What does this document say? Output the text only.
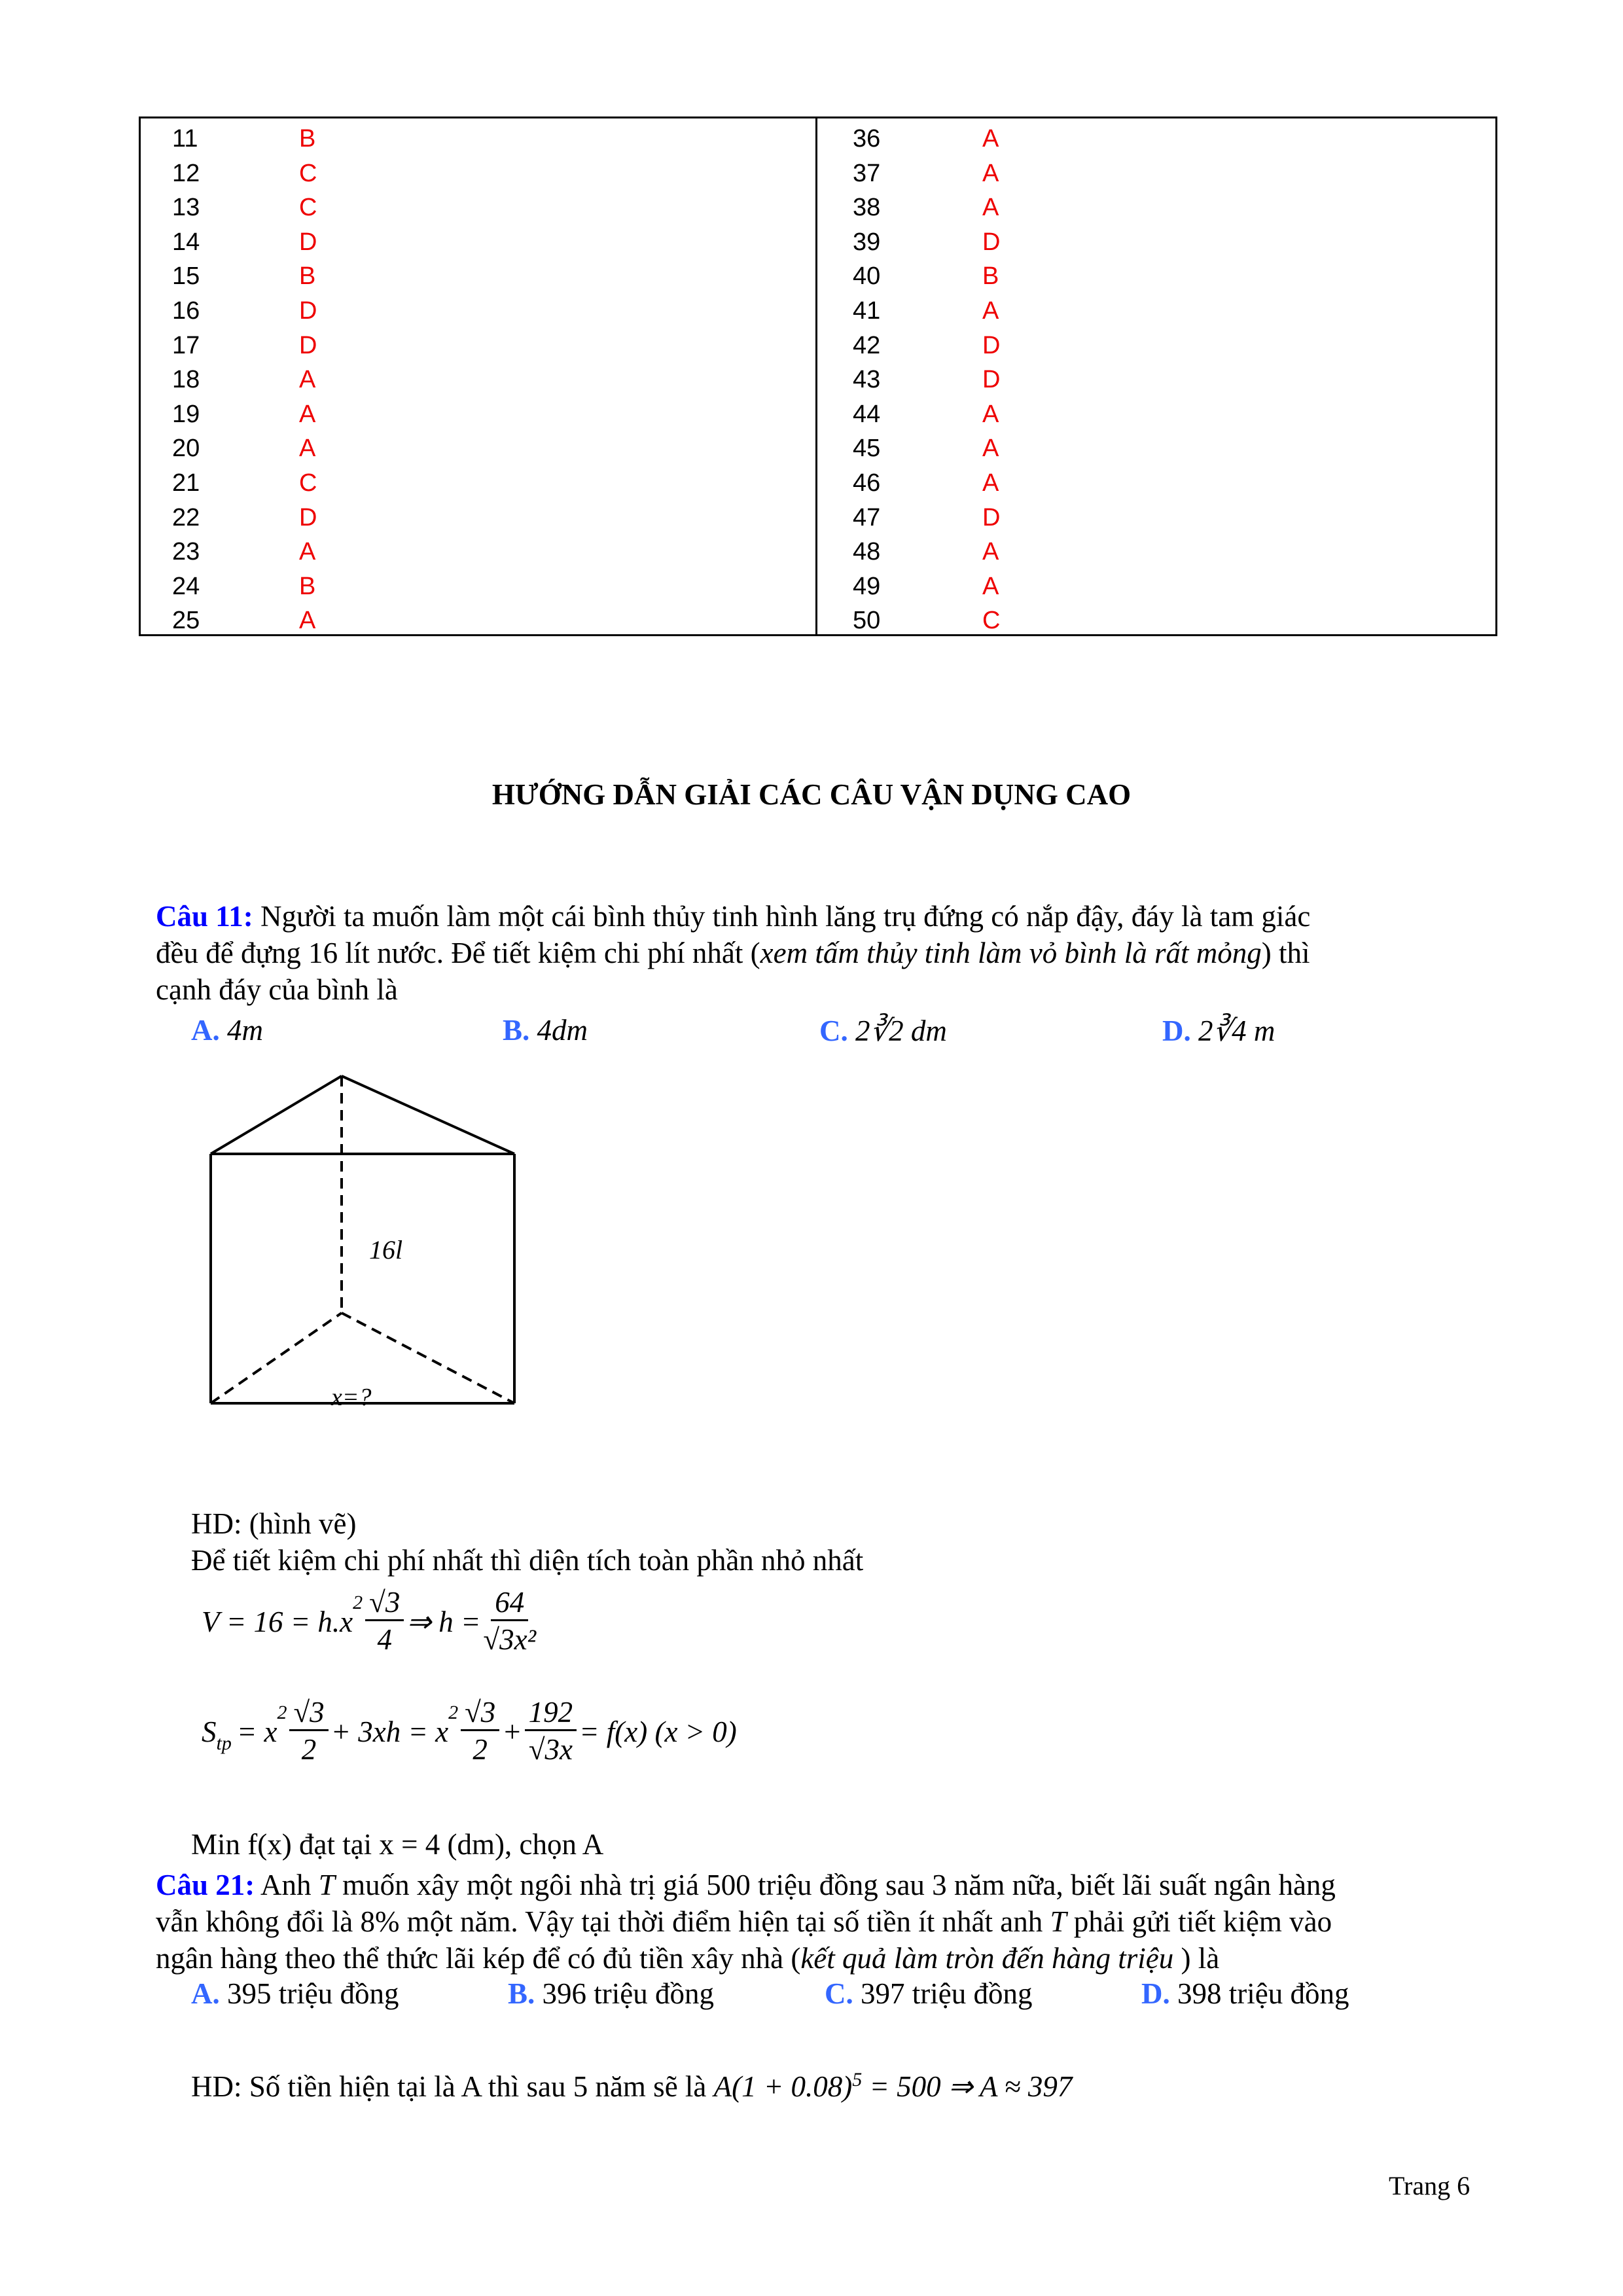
11	B
12	C
13	C
14	D
15	B
16	D
17	D
18	A
19	A
20	A
21	C
22	D
23	A
24	B
25	A
36	A
37	A
38	A
39	D
40	B
41	A
42	D
43	D
44	A
45	A
46	A
47	D
48	A
49	A
50	C
HƯỚNG DẪN GIẢI CÁC CÂU VẬN DỤNG CAO
Câu 11: Người ta muốn làm một cái bình thủy tinh hình lăng trụ đứng có nắp đậy, đáy là tam giác
đều để đựng 16 lít nước. Để tiết kiệm chi phí nhất (xem tấm thủy tinh làm vỏ bình là rất mỏng) thì
cạnh đáy của bình là
A. 4m	B. 4dm	C. 2∛2 dm	D. 2∛4 m
16l
x=?
HD: (hình vẽ)
Để tiết kiệm chi phí nhất thì diện tích toàn phần nhỏ nhất
V = 16 = h.x
$^2 \frac{√3}{4}$ ⇒ $h = \frac{64}{\text{√3x²}}$
$S_{tp} = x$
$^2 \frac{√3}{2} + 3xh = x$
$^2 \frac{√3}{2} + \frac{192}{√3x} = f(x) (x > 0)$
Min f(x) đạt tại x = 4 (dm), chọn A
Câu 21: Anh T muốn xây một ngôi nhà trị giá 500 triệu đồng sau 3 năm nữa, biết lãi suất ngân hàng
vẫn không đổi là 8% một năm. Vậy tại thời điểm hiện tại số tiền ít nhất anh T phải gửi tiết kiệm vào
ngân hàng theo thể thức lãi kép để có đủ tiền xây nhà (kết quả làm tròn đến hàng triệu ) là
A. 395 triệu đồng	B. 396 triệu đồng	C. 397 triệu đồng	D. 398 triệu đồng
HD: Số tiền hiện tại là A thì sau 5 năm sẽ là $A(1 + 0.08)^5 = 500$ ⇒ A ≈ 397
Trang 6
